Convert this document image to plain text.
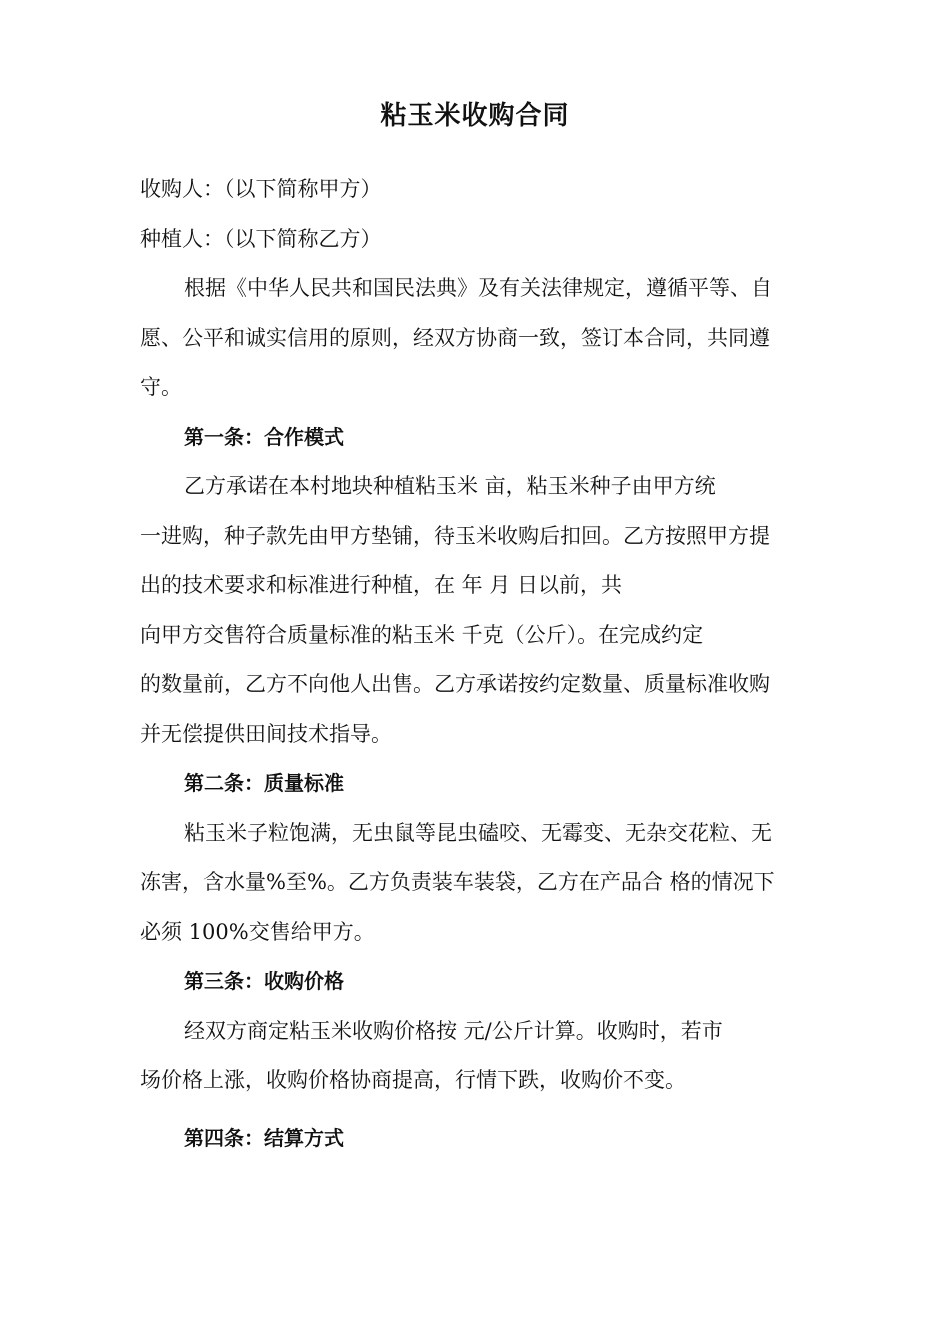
粘玉米收购合同
收购人：（以下简称甲方）
种植人：（以下简称乙方）
根据《中华人民共和国民法典》及有关法律规定，遵循平等、自
愿、公平和诚实信用的原则，经双方协商一致，签订本合同，共同遵
守。
第一条：合作模式
乙方承诺在本村地块种植粘玉米 亩，粘玉米种子由甲方统
一进购，种子款先由甲方垫铺，待玉米收购后扣回。乙方按照甲方提
出的技术要求和标准进行种植，在 年 月 日以前，共
向甲方交售符合质量标准的粘玉米 千克（公斤）。在完成约定
的数量前，乙方不向他人出售。乙方承诺按约定数量、质量标准收购
并无偿提供田间技术指导。
第二条：质量标准
粘玉米子粒饱满，无虫鼠等昆虫磕咬、无霉变、无杂交花粒、无
冻害，含水量%至%。乙方负责装车装袋，乙方在产品合 格的情况下
必须 100%交售给甲方。
第三条：收购价格
经双方商定粘玉米收购价格按 元/公斤计算。收购时，若市
场价格上涨，收购价格协商提高，行情下跌，收购价不变。
第四条：结算方式
